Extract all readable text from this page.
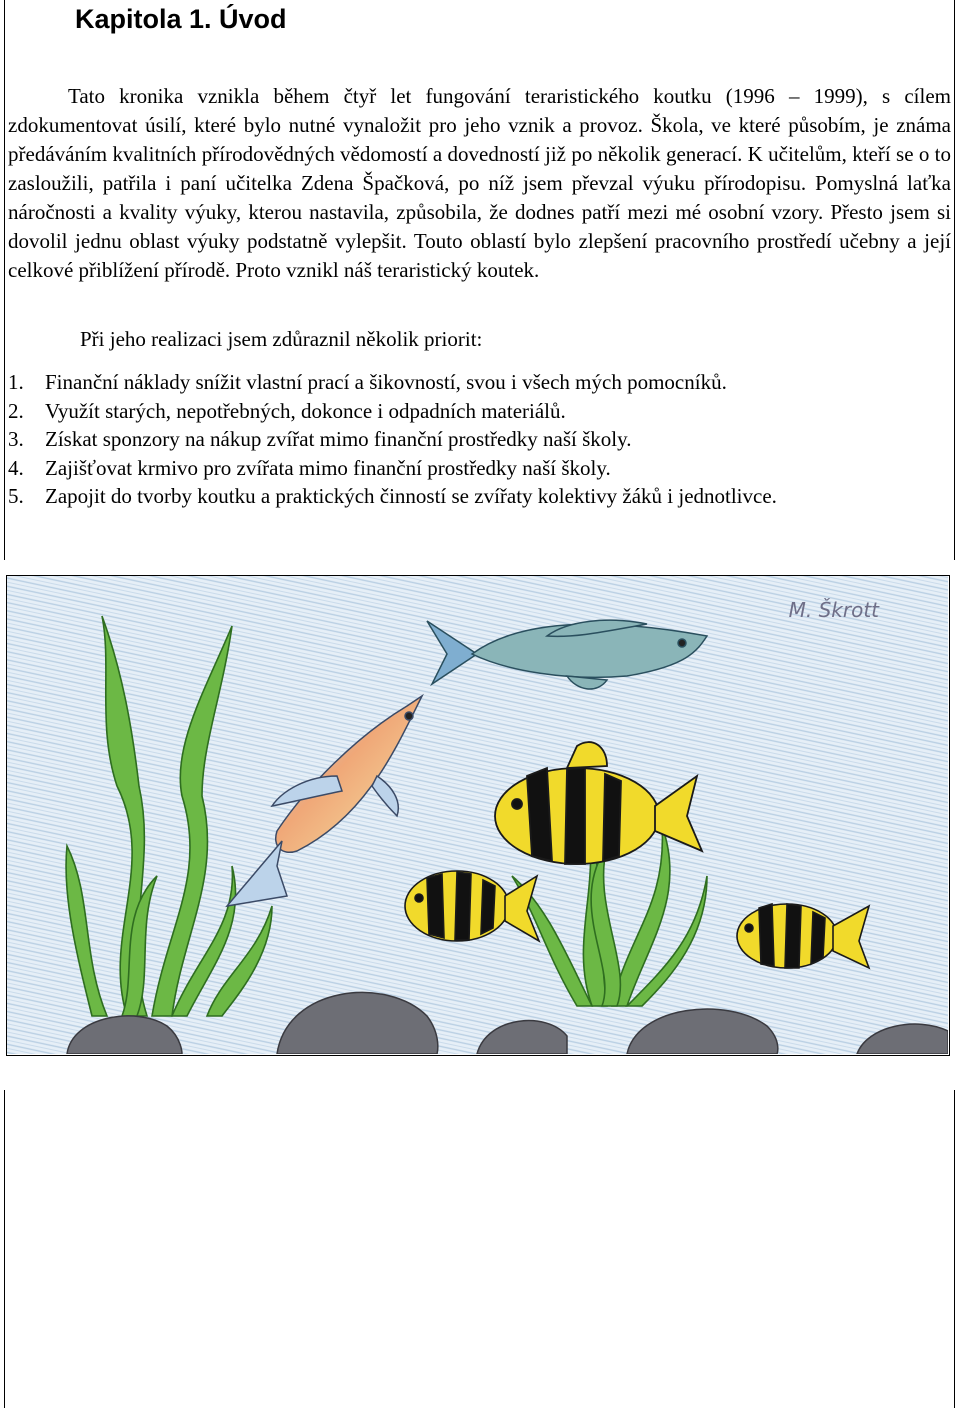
Kapitola 1. Úvod

Tato kronika vznikla během čtyř let fungování teraristického koutku (1996 – 1999), s cílem zdokumentovat úsilí, které bylo nutné vynaložit pro jeho vznik a provoz. Škola, ve které působím, je známa předáváním kvalitních přírodovědných vědomostí a dovedností již po několik generací. K učitelům, kteří se o to zasloužili, patřila i paní učitelka Zdena Špačková, po níž jsem převzal výuku přírodopisu. Pomyslná laťka náročnosti a kvality výuky, kterou nastavila, způsobila, že dodnes patří mezi mé osobní vzory. Přesto jsem si dovolil jednu oblast výuky podstatně vylepšit. Touto oblastí bylo zlepšení pracovního prostředí učebny a její celkové přiblížení přírodě. Proto vznikl náš teraristický koutek.

Při jeho realizaci jsem zdůraznil několik priorit:

1.	Finanční náklady snížit vlastní prací a šikovností, svou i všech mých pomocníků.
2.	Využít starých, nepotřebných, dokonce i odpadních materiálů.
3.	Získat sponzory na nákup zvířat mimo finanční prostředky naší školy.
4.	Zajišťovat krmivo pro zvířata mimo finanční prostředky naší školy.
5.	Zapojit do tvorby koutku a praktických činností se zvířaty kolektivy žáků i jednotlivce.
M. Škrott
